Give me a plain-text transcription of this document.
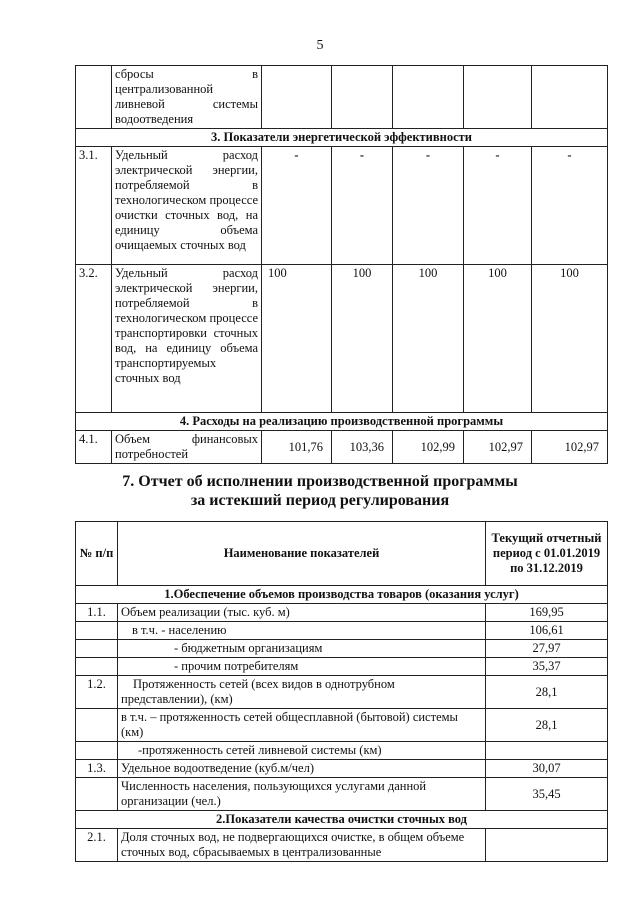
5
	сбросы в централизованной ливневой системы водоотведения					
3. Показатели энергетической эффективности						
3.1.	Удельный расход электрической энергии, потребляемой в технологическом процессе очистки сточных вод, на единицу объема очищаемых сточных вод	-	-	-	-	-
3.2.	Удельный расход электрической энергии, потребляемой в технологическом процессе транспортировки сточных вод, на единицу объема транспортируемых сточных вод	100	100	100	100	100
4. Расходы на реализацию производственной программы						
4.1.	Объем финансовых потребностей	101,76	103,36	102,99	102,97	102,97
7. Отчет об исполнении производственной программы
за истекший период регулирования
№ п/п	Наименование показателей	Текущий отчетный период с 01.01.2019 по 31.12.2019
1.Обеспечение объемов производства товаров (оказания услуг)		
1.1.	Объем реализации (тыс. куб. м)	169,95
	в т.ч. - населению	106,61
	- бюджетным организациям	27,97
	- прочим потребителям	35,37
1.2.	Протяженность сетей (всех видов в однотрубном представлении), (км)	28,1
	в т.ч. – протяженность сетей общесплавной (бытовой) системы (км)	28,1
	-протяженность сетей ливневой системы (км)	
1.3.	Удельное водоотведение (куб.м/чел)	30,07
	Численность населения, пользующихся услугами данной организации (чел.)	35,45
2.Показатели качества очистки сточных вод		
2.1.	Доля сточных вод, не подвергающихся очистке, в общем объеме сточных вод, сбрасываемых в централизованные	
